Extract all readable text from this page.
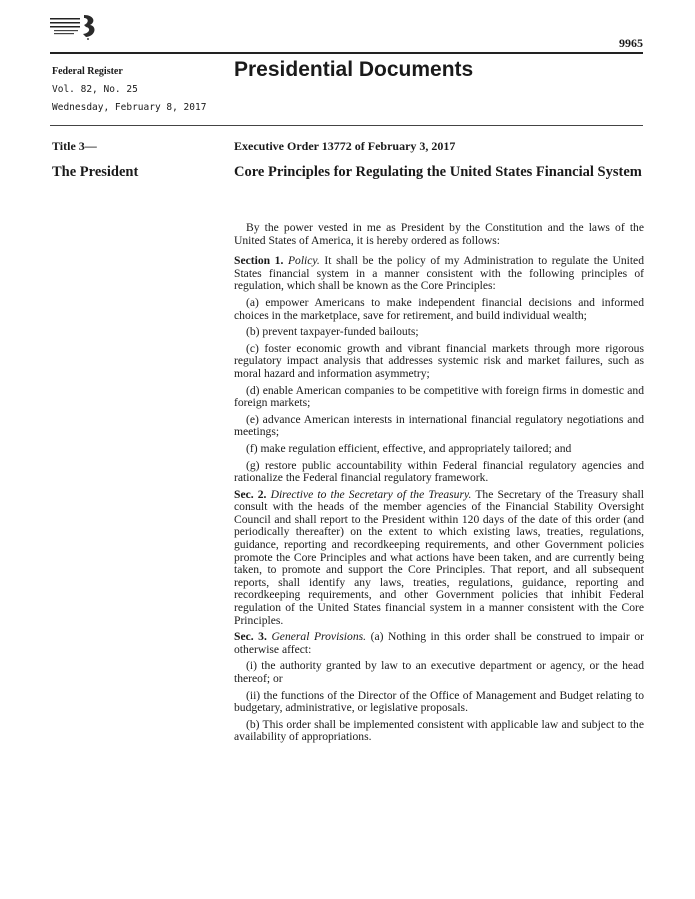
9965
Federal Register
Vol. 82, No. 25
Wednesday, February 8, 2017
Presidential Documents
Title 3—
The President
Executive Order 13772 of February 3, 2017
Core Principles for Regulating the United States Financial System

By the power vested in me as President by the Constitution and the laws of the United States of America, it is hereby ordered as follows:

Section 1. Policy. It shall be the policy of my Administration to regulate the United States financial system in a manner consistent with the following principles of regulation, which shall be known as the Core Principles:

(a) empower Americans to make independent financial decisions and informed choices in the marketplace, save for retirement, and build individual wealth;

(b) prevent taxpayer-funded bailouts;

(c) foster economic growth and vibrant financial markets through more rigorous regulatory impact analysis that addresses systemic risk and market failures, such as moral hazard and information asymmetry;

(d) enable American companies to be competitive with foreign firms in domestic and foreign markets;

(e) advance American interests in international financial regulatory negotiations and meetings;

(f) make regulation efficient, effective, and appropriately tailored; and

(g) restore public accountability within Federal financial regulatory agencies and rationalize the Federal financial regulatory framework.

Sec. 2. Directive to the Secretary of the Treasury. The Secretary of the Treasury shall consult with the heads of the member agencies of the Financial Stability Oversight Council and shall report to the President within 120 days of the date of this order (and periodically thereafter) on the extent to which existing laws, treaties, regulations, guidance, reporting and recordkeeping requirements, and other Government policies promote the Core Principles and what actions have been taken, and are currently being taken, to promote and support the Core Principles. That report, and all subsequent reports, shall identify any laws, treaties, regulations, guidance, reporting and recordkeeping requirements, and other Government policies that inhibit Federal regulation of the United States financial system in a manner consistent with the Core Principles.

Sec. 3. General Provisions. (a) Nothing in this order shall be construed to impair or otherwise affect:

(i) the authority granted by law to an executive department or agency, or the head thereof; or

(ii) the functions of the Director of the Office of Management and Budget relating to budgetary, administrative, or legislative proposals.

(b) This order shall be implemented consistent with applicable law and subject to the availability of appropriations.
